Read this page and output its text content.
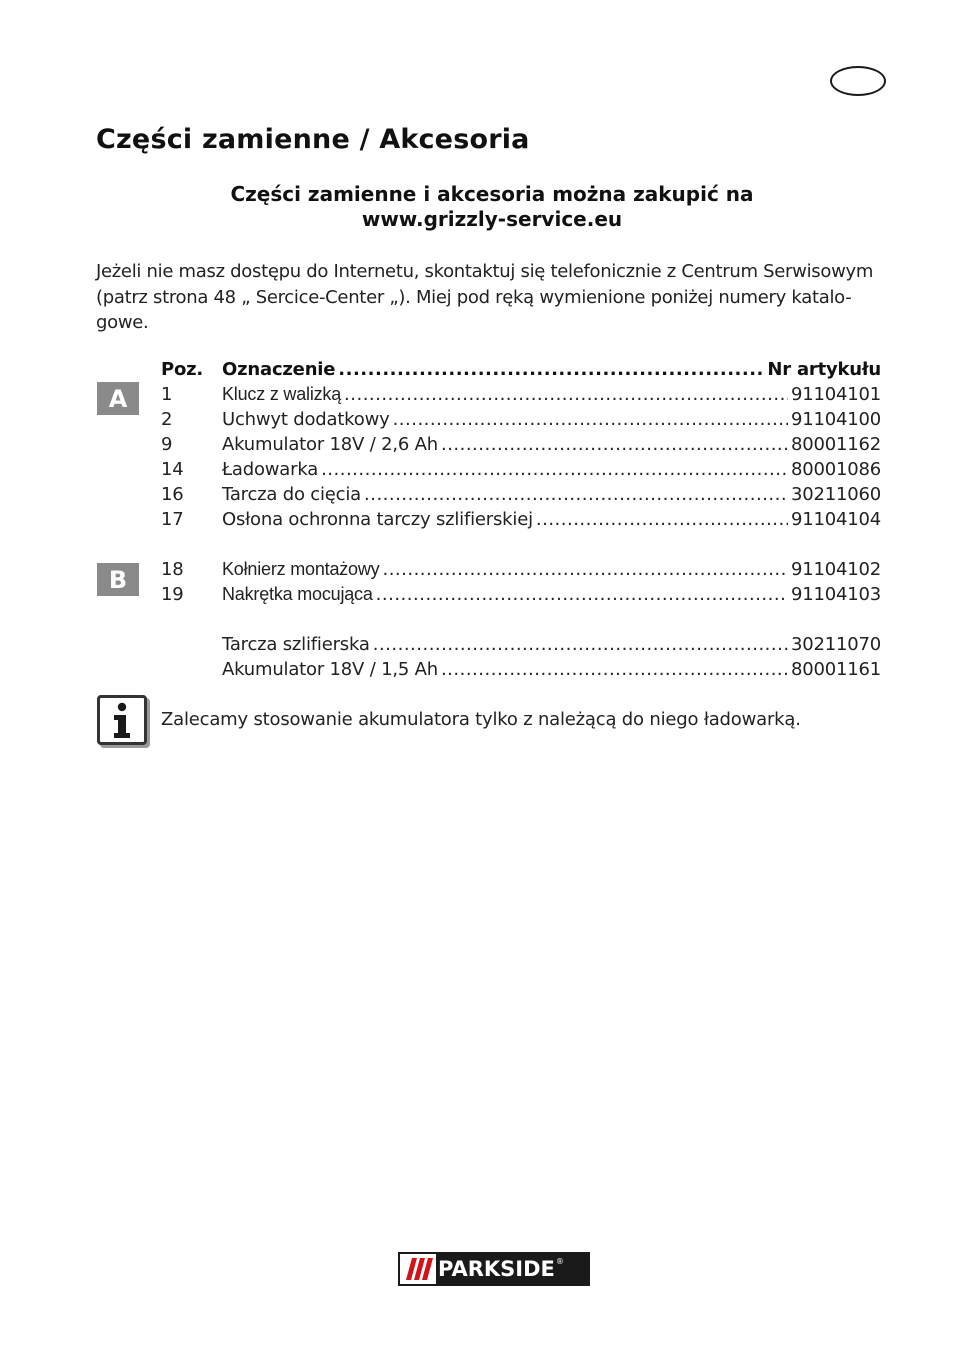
Części zamienne / Akcesoria
Części zamienne i akcesoria można zakupić na
www.grizzly-service.eu
Jeżeli nie masz dostępu do Internetu, skontaktuj się telefonicznie z Centrum Serwisowym (patrz strona 48 „ Sercice-Center „). Miej pod ręką wymienione poniżej numery katalo-gowe.
A
B
Poz.	Oznaczenie .....	Nr artykułu
1	Klucz z walizką .....	91104101
2	Uchwyt dodatkowy .....	91104100
9	Akumulator 18V / 2,6 Ah .....	80001162
14	Ładowarka .....	80001086
16	Tarcza do cięcia .....	30211060
17	Osłona ochronna tarczy szlifierskiej .....	91104104
18	Kołnierz montażowy .....	91104102
19	Nakrętka mocująca .....	91104103
Tarcza szlifierska .....	30211070
Akumulator 18V / 1,5 Ah .....	80001161
Zalecamy stosowanie akumulatora tylko z należącą do niego ładowarką.
PARKSIDE ®
